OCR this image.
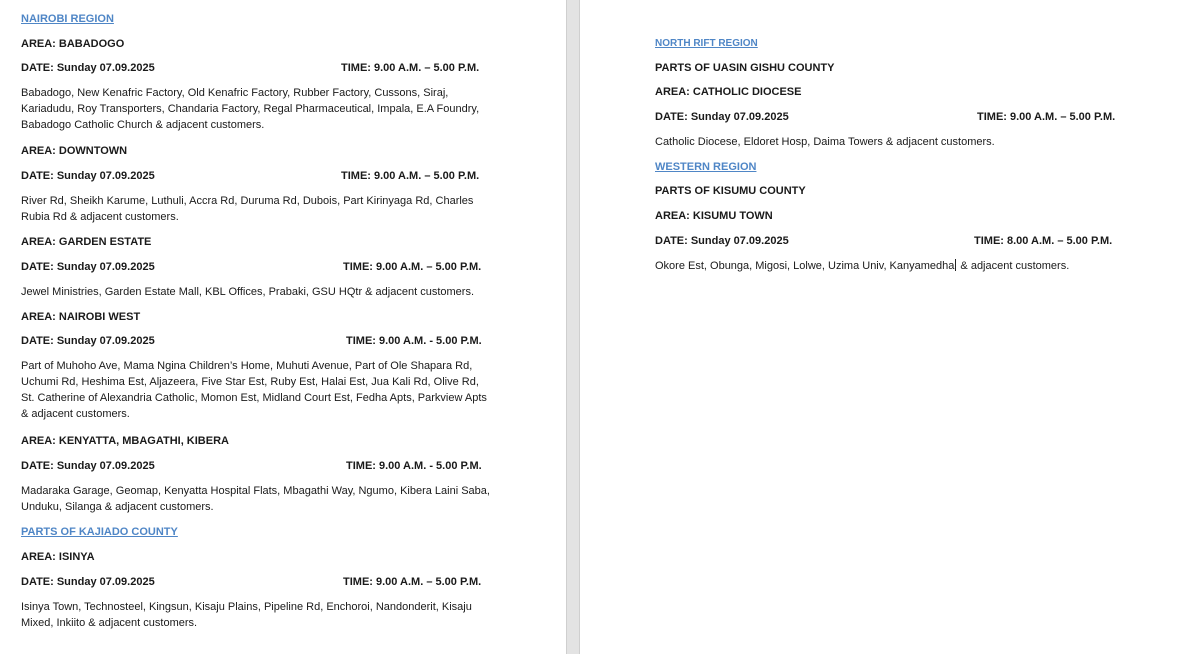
NAIROBI REGION
AREA: BABADOGO
DATE: Sunday 07.09.2025	TIME: 9.00 A.M. – 5.00 P.M.
Babadogo, New Kenafric Factory, Old Kenafric Factory, Rubber Factory, Cussons, Siraj, Kariadudu, Roy Transporters, Chandaria Factory, Regal Pharmaceutical, Impala, E.A Foundry, Babadogo Catholic Church & adjacent customers.
AREA: DOWNTOWN
DATE: Sunday 07.09.2025	TIME: 9.00 A.M. – 5.00 P.M.
River Rd, Sheikh Karume, Luthuli, Accra Rd, Duruma Rd, Dubois, Part Kirinyaga Rd, Charles Rubia Rd & adjacent customers.
AREA: GARDEN ESTATE
DATE: Sunday 07.09.2025	TIME: 9.00 A.M. – 5.00 P.M.
Jewel Ministries, Garden Estate Mall, KBL Offices, Prabaki, GSU HQtr & adjacent customers.
AREA: NAIROBI WEST
DATE: Sunday 07.09.2025	TIME: 9.00 A.M. - 5.00 P.M.
Part of Muhoho Ave, Mama Ngina Children’s Home, Muhuti Avenue, Part of Ole Shapara Rd, Uchumi Rd, Heshima Est, Aljazeera, Five Star Est, Ruby Est, Halai Est, Jua Kali Rd, Olive Rd, St. Catherine of Alexandria Catholic, Momon Est, Midland Court Est, Fedha Apts, Parkview Apts & adjacent customers.
AREA: KENYATTA, MBAGATHI, KIBERA
DATE: Sunday 07.09.2025	TIME: 9.00 A.M. - 5.00 P.M.
Madaraka Garage, Geomap, Kenyatta Hospital Flats, Mbagathi Way, Ngumo, Kibera Laini Saba, Unduku, Silanga & adjacent customers.
PARTS OF KAJIADO COUNTY
AREA: ISINYA
DATE: Sunday 07.09.2025	TIME: 9.00 A.M. – 5.00 P.M.
Isinya Town, Technosteel, Kingsun, Kisaju Plains, Pipeline Rd, Enchoroi, Nandonderit, Kisaju Mixed, Inkiito & adjacent customers.
NORTH RIFT REGION
PARTS OF UASIN GISHU COUNTY
AREA: CATHOLIC DIOCESE
DATE: Sunday 07.09.2025	TIME: 9.00 A.M. – 5.00 P.M.
Catholic Diocese, Eldoret Hosp, Daima Towers & adjacent customers.
WESTERN REGION
PARTS OF KISUMU COUNTY
AREA: KISUMU TOWN
DATE: Sunday 07.09.2025	TIME: 8.00 A.M. – 5.00 P.M.
Okore Est, Obunga, Migosi, Lolwe, Uzima Univ, Kanyamedha & adjacent customers.
